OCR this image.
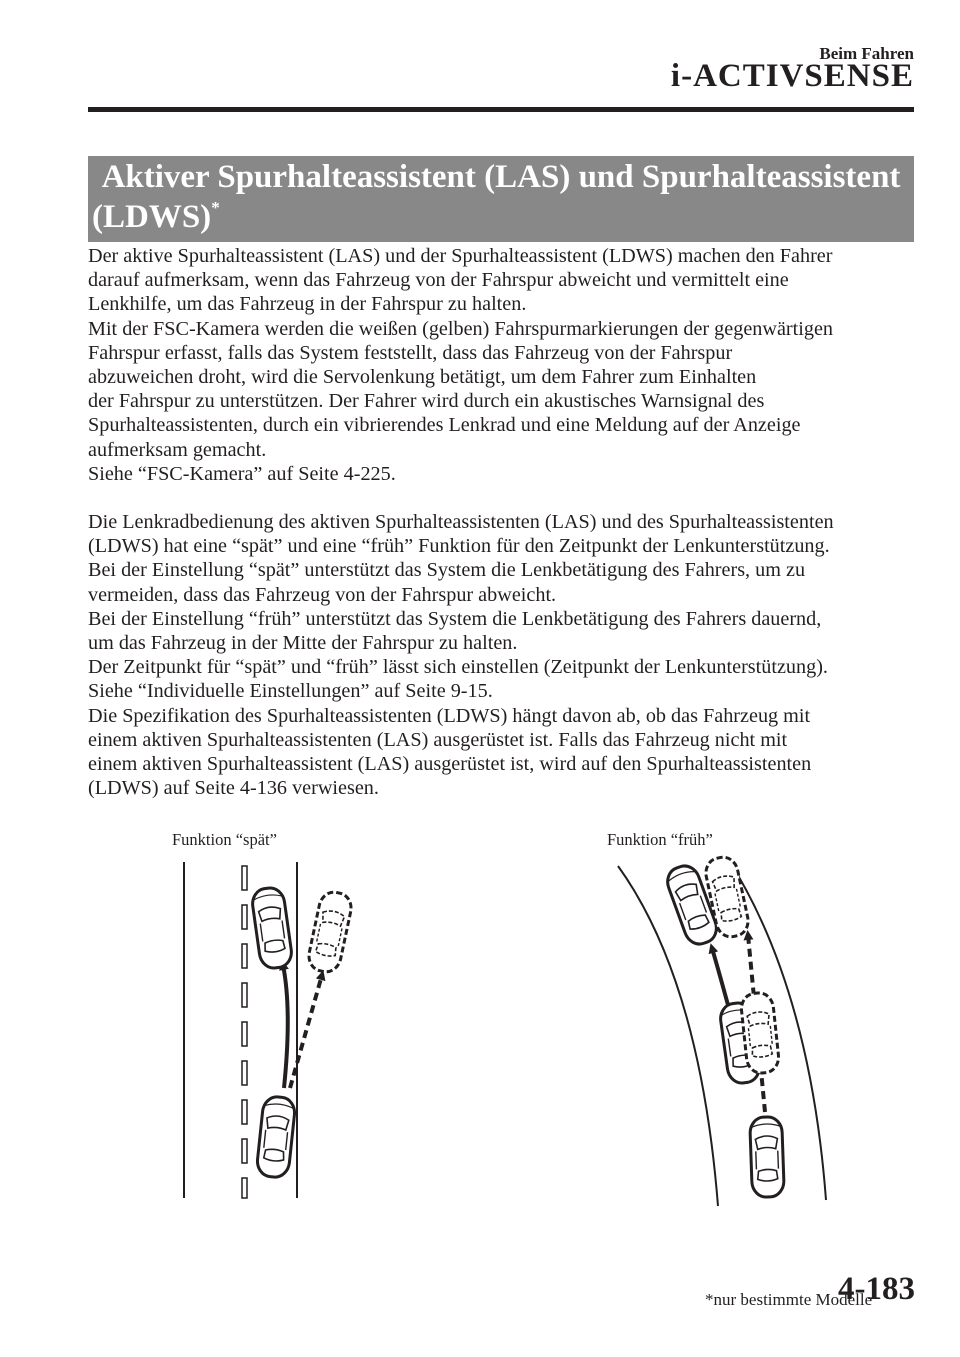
Beim Fahren
i-ACTIVSENSE
Aktiver Spurhalteassistent (LAS) und Spurhalteassistent
(LDWS)*

Der aktive Spurhalteassistent (LAS) und der Spurhalteassistent (LDWS) machen den Fahrer

darauf aufmerksam, wenn das Fahrzeug von der Fahrspur abweicht und vermittelt eine

Lenkhilfe, um das Fahrzeug in der Fahrspur zu halten.

Mit der FSC-Kamera werden die weißen (gelben) Fahrspurmarkierungen der gegenwärtigen

Fahrspur erfasst, falls das System feststellt, dass das Fahrzeug von der Fahrspur

abzuweichen droht, wird die Servolenkung betätigt, um dem Fahrer zum Einhalten

der Fahrspur zu unterstützen. Der Fahrer wird durch ein akustisches Warnsignal des

Spurhalteassistenten, durch ein vibrierendes Lenkrad und eine Meldung auf der Anzeige

aufmerksam gemacht.

Siehe “FSC-Kamera” auf Seite 4-225.

Die Lenkradbedienung des aktiven Spurhalteassistenten (LAS) und des Spurhalteassistenten

(LDWS) hat eine “spät” und eine “früh” Funktion für den Zeitpunkt der Lenkunterstützung.

Bei der Einstellung “spät” unterstützt das System die Lenkbetätigung des Fahrers, um zu

vermeiden, dass das Fahrzeug von der Fahrspur abweicht.

Bei der Einstellung “früh” unterstützt das System die Lenkbetätigung des Fahrers dauernd,

um das Fahrzeug in der Mitte der Fahrspur zu halten.

Der Zeitpunkt für “spät” und “früh” lässt sich einstellen (Zeitpunkt der Lenkunterstützung).

Siehe “Individuelle Einstellungen” auf Seite 9-15.

Die Spezifikation des Spurhalteassistenten (LDWS) hängt davon ab, ob das Fahrzeug mit

einem aktiven Spurhalteassistenten (LAS) ausgerüstet ist. Falls das Fahrzeug nicht mit

einem aktiven Spurhalteassistent (LAS) ausgerüstet ist, wird auf den Spurhalteassistenten

(LDWS) auf Seite 4-136 verwiesen.

Funktion “spät”	Funktion “früh”
*nur bestimmte Modelle
4-183
